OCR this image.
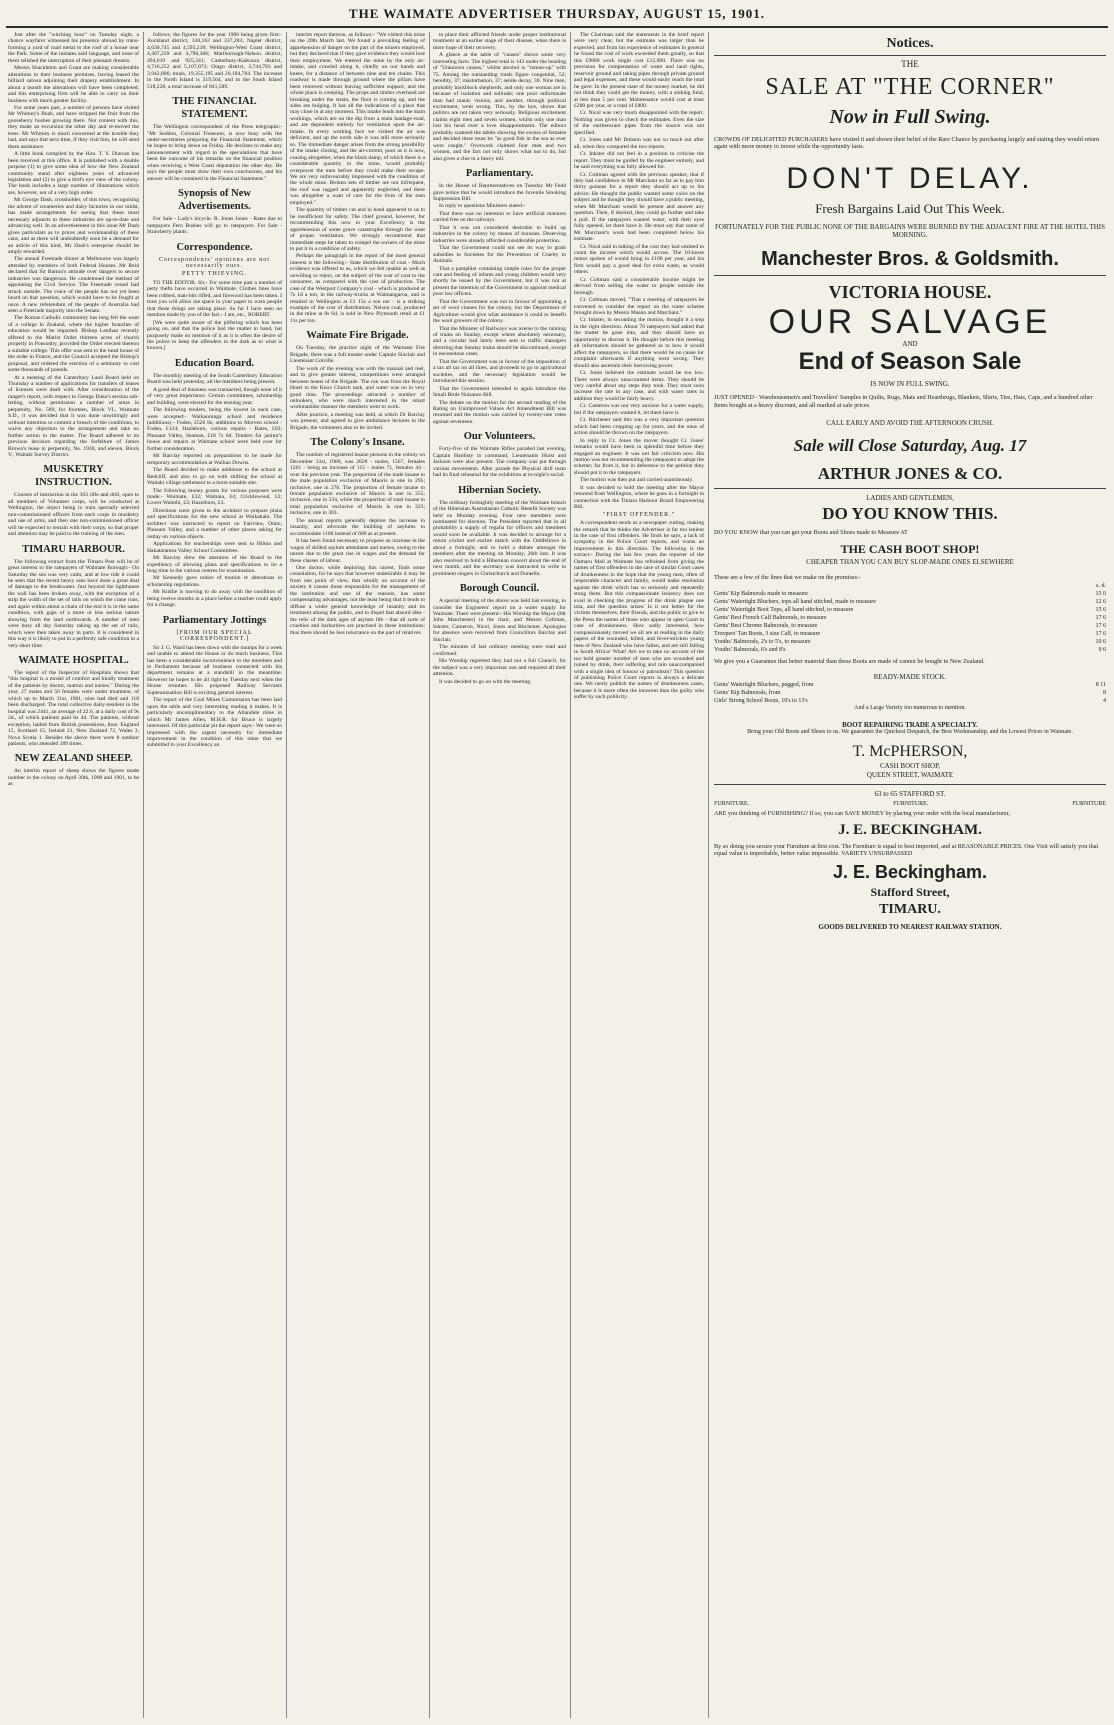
THE WAIMATE ADVERTISER THURSDAY, AUGUST 15, 1901.

Just after the "witching hour" on Tuesday night, a chance wayfarer witnessed his presence abroad by trans-forming a yard of road metal to the roof of a house near the Park. Some of the inmates said language, and none of them relished the interruption of their pleasant dreams.

Messrs Shackleton and Grant are making considerable alterations to their business premises, having leased the billiard saloon adjoining their drapery establishment. In about a month the alterations will have been completed, and this enterprising firm will be able to carry on their business with much greater facility.

For some years past, a number of persons have visited Mr Whitney's Bush, and have stripped the fruit from the gooseberry bushes growing there. Not content with this, they made an excursion the other day and re-moved the trees. Mr Whitney is much concerned at the trouble they had, and says that next time, if they visit him, he will send them assistance.

A little book compiled by the Hon. T. Y. Duncan has been received at this office. It is published with a double purpose (1) to give some idea of how the New Zealand community stand after eighteen years of advanced legislation and (2) to give a bird's eye view of the colony. The book includes a large number of illustrations which are, however, not of a very high order.

Mr George Dash, crossholder, of this town, recognising the advent of creameries and dairy factories in our midst, has made arrangements for seeing that these most necessary adjuncts to these industries are up-to-date and advancing well. In an advertisement in this issue Mr Dash gives particulars as to prices and workmanship of these cans, and as there will undoubtedly soon be a demand for an article of this kind, Mr Dash's enterprise should be amply rewarded.

The annual Freetrade dinner at Melbourne was largely attended by members of both Federal Houses. Mr Reid declared that Sir Barton's attitude over dangers to secure industries was dangerous. He condemned the method of appointing the Civil Service. The Freetrade vessel had struck outside. The voice of the people has not yet been heard on that question, which would have to be fought at once. A new referendum of the people of Australia had seen a Freetrade majority into the Senate.

The Roman Catholic community has long felt the want of a college in Zealand, where the higher branches of education would be imparted. Bishop Lenihan recently offered to the Marist Order thirteen acres of church property in Ponsonby, provided the Order erected thereon a suitable college. This offer was sent to the head house of the order in France, and the Council accepted the Bishop's proposal, and ordered the erection of a seminary to cost some thousands of pounds.

At a meeting of the Canterbury Land Board held on Thursday a number of applications for transfers of leases of licenses were dealt with. After consideration of the ranger's report, with respect to George Duke's section sub-letting, without permission a number of areas in perpetuity, No. 589, for fourteen, Block VI., Waimate S.D., it was decided that it was done unwittingly and without intention to commit a breach of the conditions, to waive any objection to the arrangement and take no further action in the matter. The Board adhered to its previous decision regarding the forfeiture of James Brown's lease in perpetuity, No. 1938, and eleven, Block V., Waitaki Survey District.

MUSKETRY INSTRUCTION.

Courses of instruction in the 303 rifle and drill, open to all members of Volunteer corps, will be conducted at Wellington, the object being to train specially selected non-commissioned officers from each corps in musketry and use of arms, and then one non-commissioned officer will be expected to remain with their corps, so that proper and attention may be paid to the training of the men.

TIMARU HARBOUR.

The following extract from the Timaru Post will be of great interest to the ratepayers of Waimate Borough:- On Saturday the sea was very calm, and at low tide it could be seen that the recent heavy seas have done a great deal of damage to the breakwater. Just beyond the lighthouse the wall has been broken away, with the exception of a strip the width of the set of rails on which the crane runs, and again within about a chain of the end it is in the same condition, with gaps of a more or less serious nature showing from the land northwards. A number of men were busy all day Saturday taking up the set of rails, which were then taken away in parts. It is considered in this way it is likely to put in a perfectly safe condition in a very short time.

WAIMATE HOSPITAL.

The report of the Inspector of Hospitals shows that "this hospital is a model of comfort and kindly treatment of the patients by doctor, matron and nurses." During the year, 27 males and 56 females were under treatment, of which up to March 31st, 1901, nine had died and 118 been discharged. The total collective daily-resident in the hospital was 2441, an average of 22.6, at a daily cost of 9s 2d., of which patients paid 6s 4d. The patients, without exception, hailed from British possessions, thus: England 15, Scotland 15, Ireland 21, New Zealand 72, Wales 3, Nova Scotia 1. Besides the above there were 8 outdoor patients, who attended 189 times.

NEW ZEALAND SHEEP.

An interim report of sheep shows the figures made number in the colony on April 30th, 1900 and 1901, to be as

follows, the figures for the year 1900 being given first:- Auckland district, 330,162 and 337,203; Napier district, 4,630,745 and 4,593,218; Wellington-West Coast district, 4,407,239 and 4,790,366; Marlborough-Nelson district, 494,610 and 925,341; Canterbury-Kaikoura district, 4,716,252 and 5,107,073; Otago district, 3,744,783 and 3,942,806; totals, 19,355,195 and 20,184,784. The increase in the North Island is 319,564, and in the South Island 518,228, a total increase of 841,589.

THE FINANCIAL STATEMENT.

The Wellington correspondent of the Press telegraphs:- "Mr Seddon, Colonial Treasurer, is now busy with the under-secretaries preparing the Financial Statement, which he hopes to bring down on Friday. He declines to make any announcement with regard to the speculations that have been the outcome of his remarks on the financial position when receiving a West Coast deputation the other day. He says the people must draw their own conclusions, and his answer will be contained in the Financial Statement."

Synopsis of New Advertisements.

For Sale - Lady's bicycle. R. Jones Jones - Rates due to ratepayers Fern Bushes will go to ratepayers. For Sale - Strawberry plants.

Correspondence.
Correspondents' opinions are not necessarily ours.
PETTY THIEVING.

TO THE EDITOR. Sir,- For some time past a number of petty thefts have occurred in Waimate. Clothes lines have been robbed, man-bits rifled, and firewood has been taken. I trust you will allow me space in your paper to warn people that these things are taking place. So far I have seen no mention made by you of the fact.- I am, etc., ROBERT.

[We were quite aware of the pilfering which has been going on, and that the police had the matter in hand, but purposely made no mention of it as it is often the desire of the police to keep the offenders in the dark as to what is known.]

Education Board.

The monthly meeting of the South Canterbury Education Board was held yesterday, all the members being present.

A good deal of business was transacted, though none of it of very great importance. Certain committees, scholarship and building, were elected for the ensuing year.

The following tenders, being the lowest in each case, were accepted:- Waihaorunga school and residence (additions) - Foden, £526 8s; additions to Morven school - Foden, £124; Hazleburn, various repairs - Bates, £63; Pleasant Valley, Seaman, £18 7s 6d. Tenders for janitor's house and repairs at Waimate school were held over for further consideration.

Mr Barclay reported on preparations to be made for temporary accommodation at Waihao Downs.

The Board decided to make additions to the school at Redcliff, and also to go on with shifting the school at Waitaki village settlement to a more suitable site.

The following money grants for various purposes were made:- Waimate, £32; Waituna, £4; Cricklewood, £2; Lower Waitohi, £3; Hazelburn, £3.

Directions were given to the architect to prepare plans and specifications for the new school at Waikakahi. The architect was instructed to report on Fairview, Otaio, Pleasant Valley, and a number of other places asking for outlay on various objects.

Applications for teacherships were sent to Hilton and Hakataramea Valley School Committees.

Mr Barclay drew the attention of the Board to the expediency of allowing plans and specifications to lie a long time in the various centres for examination.

Mr Kennedy gave notice of motion re alterations in scholarship regulations.

Mr Kiddie is moving to do away with the condition of being twelve months in a place before a teacher could apply for a change.

Parliamentary Jottings
[FROM OUR SPECIAL CORRESPONDENT.]

Sir J. G. Ward has been down with the mumps for a week and unable to attend the House or do much business. This has been a considerable inconvenience to the members and to Parliament because all business connected with his department remains at a standstill in the meantime. However he hopes to be all right by Tuesday next when the House resumes. His proposed Railway Servants Superannuation Bill is exciting general interest.

The report of the Coal Mines Commission has been laid upon the table and very interesting reading it makes. It is particularly uncomplimentary to the Allandale mine in which Mr James Allen, M.H.R. for Bruce is largely interested. Of this particular pit the report says:- We were so impressed with the urgent necessity for immediate improvement in the condition of this mine that we submitted to your Excellency an

interim report thereon, as follows:- "We visited this mine on the 20th March last. We found a prevailing feeling of apprehension of danger on the part of the miners employed, but they declared that if they gave evidence they would lose their employment. We entered the mine by the only air-intake, and crawled along it, chiefly on our hands and knees, for a distance of between nine and ten chains. This roadway is made through ground where the pillars have been removed without leaving sufficient support, and the whole place is creeping. The props and timber overhead are breaking under the strain, the floor is coming up, and the sides are bulging. It has all the indications of a place that may close in at any moment. This intake leads into the main workings, which are on the dip from a main haulage-road, and are dependent entirely for ventilation upon the air-intake. In every working face we visited the air was deficient, and up the north side it was still more seriously so. The immediate danger arises from the strong possibility of the intake closing, and the air-current, poor as it is now, ceasing altogether, when the black damp, of which there is a considerable quantity in the mine, would probably overpower the men before they could make their escape. We are very unfavourably impressed with the condition of the whole mine. Broken sets of timber are not infrequent, the roof was ragged and apparently neglected, and there was altogether a want of care for the lives of the men employed."

The quantity of timber cut and in hand appeared to us to be insufficient for safety. The chief ground, however, for recommending this now to your Excellency is the apprehension of some grave catastrophe through the want of proper ventilation. We strongly recommend that immediate steps be taken to compel the owners of the mine to put it in a condition of safety.

Perhaps the paragraph in the report of the most general interest is the following:- State distribution of coal - Much evidence was offered to us, which we felt unable as well as unwilling to reject, on the subject of the cost of coal to the consumer, as compared with the cost of production. The case of the Westport Company's coal - which is produced at 7s 1d a ton, in the railway-trucks at Waimangaroa, and is retailed in Wellington at £1 15s a ton net - is a striking example of the cost of distribution. Nelson coal, produced in the mine at 8s 6d, is sold in New Plymouth retail at £1 11s per ton.

Waimate Fire Brigade.

On Tuesday, the practice night of the Waimate Fire Brigade, there was a full muster under Captain Sinclair and Lieutenant Colville.

The work of the evening was with the manual and reel, and to give greater interest, competitions were arranged between teams of the Brigade. The run was from the Royal Hotel to the Knox Church tank, and water was on in very good time. The proceedings attracted a number of onlookers, who were much interested in the smart workmanlike manner the members went to work.

After practice, a meeting was held, at which Dr Barclay was present, and agreed to give ambulance lectures to the Brigade, the volunteers also to be invited.

The Colony's Insane.

The number of registered insane persons in the colony on December 31st, 1900, was 2828 - males, 1567, females 1261 - being an increase of 115 - males 71, females 44 - over the previous year. The proportion of the male insane to the male population exclusive of Maoris is one in 295; inclusive, one in 276. The proportion of female insane to female population exclusive of Maoris is one in 355; inclusive, one in 334, while the proportion of total insane to total population exclusive of Maoris is one in 323; inclusive, one in 303.

The annual reports generally deplore the increase in insanity, and advocate the building of asylums to accommodate 1100 instead of 600 as at present.

It has been found necessary to propose an increase in the wages of skilled asylum attendants and nurses, owing to the unrest due to the great rise in wages and the demand for these classes of labour.

One doctor, while deploring this unrest, finds some consolation, for he says that however undesirable it may be from one point of view, that wholly on account of the anxiety it causes those responsible for the management of the institution and one of the reasons, has some compensating advantages, not the least being that it tends to diffuse a wider general knowledge of insanity and its treatment among the public, and to dispel that absurd idea - the relic of the dark ages of asylum life - that all sorts of cruelties and barbarities are practised in these institutions; thus there should be less reluctance on the part of relatives

to place their afflicted friends under proper institutional treatment at an earlier stage of their disease, when there is more hope of their recovery.

A glance at the table of "causes" shows some very interesting facts. The highest total is 143 under the heading of "Unknown causes," whilst alcohol is "runner-up" with 75. Among the outstanding totals figure congenital, 52; heredity, 37; masturbation, 37; senile decay, 30. Nine men, probably backblock shepherds, and only one woman are in because of isolation and solitude; one poor unfortunate man had manic visions, and another, through political excitement, went wrong. This, by the bye, shows that politics are not taken very seriously. Religious excitement claims eight men and seven women, whilst only one man lost his head over a love disappointment. The editors probably scanned the tables showing the excess of females and decided there must be "as good fish in the sea as ever were caught." Overwork claimed four men and two women, and the fact not only shows what not to do, but also gives a clue to a heavy toll.

Parliamentary.

In the House of Representatives on Tuesday Mr Fedd gave notice that he would introduce the Juvenile Smoking Suppression Bill.

In reply to questions Ministers stated:-

That there was no intention to have artificial manures carried free on the railways.

That it was not considered desirable to build up industries in the colony by means of bonuses. Deserving industries were already afforded considerable protection.

That the Government could not see its way to grant subsidies to Societies for the Prevention of Cruelty to Animals.

That a pamphlet containing simple rules for the proper care and feeding of infants and young children would very shortly be issued by the Government, but it was not at present the intention of the Government to appoint medical poor law officers.

That the Government was not in favour of appointing a set of wool classes for the colony, but the Department of Agriculture would give what assistance it could to benefit the wool growers of the colony.

That the Minister of Railways was averse to the running of trains on Sunday, except where absolutely necessary, and a circular had lately been sent to traffic managers directing that Sunday trains should be discontinued, except in necessitous cases.

That the Government was in favour of the imposition of a tax all tax on all lines, and proceeds to go to agricultural societies, and the necessary legislation would be introduced this session.

That the Government intended to again introduce the Small Birds Nuisance Bill.

The debate on the motion for the second reading of the Rating on Unimproved Values Act Amendment Bill was resumed and the motion was carried by twenty-one votes against seventeen.

Our Volunteers.

Forty-five of the Waimate Rifles paraded last evening, Captain Hardisty in command, Lieutenants Hurst and Jackson were also present. The company was put through various movements. After parade the Physical drill team had its final rehearsal for the exhibition at to-night's social.

Hibernian Society.

The ordinary fortnightly meeting of the Waimate branch of the Hibernian Australasian Catholic Benefit Society was held on Monday evening. Four new members were nominated for election. The President reported that in all probability a supply of regalia for officers and members would soon be available. It was decided to arrange for a return cricket and euchre match with the Oddfellows in about a fortnight, and to hold a debate amongst the members after the meeting on Monday, 26th inst. It was also resolved to hold a Hibernian concert about the end of next month, and the secretary was instructed to write to prominent singers in Christchurch and Dunedin.

Borough Council.

A special meeting of the above was held last evening, to consider the Engineers' report on a water supply for Waimate. There were present:- His Worship the Mayor (Mr John Manchester) in the chair, and Messrs Coltman, Inkster, Cameron, Nicol, Jones and Bitchener. Apologies for absence were received from Councillors Barclay and Sinclair.

The minutes of last ordinary meeting were read and confirmed.

His Worship regretted they had not a full Council, for the subject was a very important one and required all their attention.

It was decided to go on with the meeting.

The Chairman said the statements in the brief report were very clear, but the estimate was larger than he expected, and from his experience of estimates in general he found the cost of work exceeded them greatly, so that this £9800 work might cost £12,000. There was no provision for compensation of water and land rights, reservoir ground and taking pipes through private ground and legal expenses, and these would easily reach the total he gave. In the present state of the money market, he did not think they could get the money, with a sinking fund, at less than 5 per cent. Maintenance would cost at least £200 per year, or a total of £800.

Cr. Nicol was very much disappointed with the report. Nothing was given to check the estimates. Even the size of the earthenware pipes from the source was not specified.

Cr. Jones said Mr Dobson was not so much out after all, when they compared the two reports.

Cr. Inkster did not feel in a position to criticise the report. They must be guided by the engineer entirely, and he said everything was fully allowed for.

Cr. Coltman agreed with the previous speaker, that if they had confidence in Mr Marchant so far as to pay him thirty guineas for a report they should act up to his advice. He thought the public wanted some voice on the subject and he thought they should have a public meeting, when Mr Marchant would be present and answer any question. Then, if desired, they could go further and take a poll. If the ratepayers wanted water, with their eyes fully opened, let them have it. He must say that some of Mr Marchant's work had been completed below his estimate.

Cr. Nicol said in talking of the cost they had omitted to count the income which would accrue. The 10-horse motor spoken of would bring in £100 per year, and his firm would pay a good deal for extra water, as would others.

Cr. Coltman said a considerable income might be derived from selling the water to people outside the borough.

Cr. Coltman moved, "That a meeting of ratepayers be convened to consider the report on the water scheme brought down by Messrs Mason and Marchant."

Cr. Inkster, in seconding the motion, thought it a step in the right direction. About 70 ratepayers had asked that the matter be gone into, and they should have an opportunity to discuss it. He thought before this meeting all information should be gathered as to how it would affect the ratepayers, so that there would be no cause for complaint afterwards if anything went wrong. They should also ascertain their borrowing power.

Cr. Jones believed the estimate would be too low. There were always unaccounted items. They should be very careful about any steps they took. They must soon increase the rate in any case, and with water rates in addition they would be fairly heavy.

Cr. Cameron was not very anxious for a water supply, but if the ratepayers wanted it, let them have it.

Cr. Bitchener said this was a very important question which had been cropping up for years, and the onus of action should be thrown on the ratepayers.

In reply to Cr. Jones the mover thought Cr. Jones' remarks would have been in splendid time before they engaged an engineer. It was not fair criticism now. His motion was not recommending the ratepayers to adopt the scheme; far from it, but in deference to the petition they should put it to the ratepayers.

The motion was then put and carried unanimously.

It was decided to hold the meeting after the Mayor returned from Wellington, where he goes in a fortnight in connection with the Timaru Harbour Board Empowering Bill.

"FIRST OFFENDER."

A correspondent sends us a newspaper cutting, making the remark that he thinks the Advertiser is far too lenient in the case of first offenders. He finds he says, a lack of sympathy in the Police Court reports, and wants an improvement in this direction. The following is the extract:- During the last few years the reporter of the Oamaru Mail at Waimate has refrained from giving the names of first offenders in the case of similar Court cases of drunkenness in the hope that the young men, often of respectable character and family, would make resolution against the drink which has so seriously and repeatedly stung them. But this compassionate leniency does not avail in checking the progress of the drink plague one iota, and the question arises: Is it not better for the victims themselves, their friends, and the public to give to the Press the names of those who appear in open Court in case of drunkenness. How sadly interested, how compassionately moved we all are at reading in the daily papers of the wounded, killed, and fever-stricken young men of New Zealand who have fallen, and are still falling in South Africa! What! Are we to take no account of the too bold greater number of men who are wounded and ruined by drink, their suffering and ruin unaccompanied with a single idea of honour or patriotism? This question of publishing Police Court reports is always a delicate one. We rarely publish the names of drunkenness cases, because it is more often the innocent than the guilty who suffer by such publicity.

Notices.
THE
SALE AT "THE CORNER"
Now in Full Swing.
CROWDS OF DELIGHTED PURCHASERS have visited it and shown their belief of the Rare Chance by purchasing largely and stating they would return again with more money to invest while the opportunity lasts.
DON'T DELAY.
Fresh Bargains Laid Out This Week.
FORTUNATELY FOR THE PUBLIC NONE OF THE BARGAINS WERE BURNED BY THE ADJACENT FIRE AT THE HOTEL THIS MORNING.
Manchester Bros. & Goldsmith.
VICTORIA HOUSE.
OUR SALVAGE
AND
End of Season Sale
IS NOW IN FULL SWING.
JUST OPENED - Warehousemen's and Travellers' Samples in Quilts, Rugs, Mats and Hearthrugs, Blankets, Shirts, Ties, Hats, Caps, and a hundred other Items bought at a heavy discount, and all marked at sale prices.
CALL EARLY AND AVOID THE AFTERNOON CRUSH.
Sale will Close Saturday, Aug. 17
ARTHUR JONES & CO.
LADIES AND GENTLEMEN,
DO YOU KNOW THIS.
DO YOU KNOW that you can get your Boots and Shoes made to Measure AT
THE CASH BOOT SHOP!
CHEAPER THAN YOU CAN BUY SLOP-MADE ONES ELSEWHERE
These are a few of the lines that we make on the premises:-
s. d.
Gents' Kip Balmorals made to measure	15 0
Gents' Watertight Bluchers, tops all hand stitched, made to measure	12 6
Gents' Watertight Boot Tops, all hand stitched, to measure	15 6
Gents' Best French Calf Balmorals, to measure	17 6
Gents' Best Chrome Balmorals, to measure	17 6
Troopers' Tan Boots, 3 size Calf, to measure	17 6
Youths' Balmorals, 2's to 5's, to measure	10 6
Youths' Balmorals, 6's and 8's	9 6
We give you a Guarantee that better material than these Boots are made of cannot be bought in New Zealand.
READY-MADE STOCK.
Gents' Watertight Bluchers, pegged, from	8 11
Gents' Kip Balmorals, from	8
Girls' Strong School Boots, 10's to 13's	4
And a Large Variety too numerous to mention.
BOOT REPAIRING TRADE A SPECIALTY.
Bring your Old Boots and Shoes to us. We guarantee the Quickest Despatch, the Best Workmanship, and the Lowest Prices in Waimate.
T. McPHERSON,
CASH BOOT SHOP,
QUEEN STREET, WAIMATE
63 to 65 STAFFORD ST.
FURNITURE.	FURNITURE.	FURNITURE
ARE you thinking of FURNISHING? If so, you can SAVE MONEY by placing your order with the local manufacturer,
J. E. BECKINGHAM.
By so doing you secure your Furniture at first cost. The Furniture is equal to best imported, and at REASONABLE PRICES. One Visit will satisfy you that equal value is improbable, better value impossible. VARIETY UNSURPASSED
J. E. Beckingham.
Stafford Street,
TIMARU.
GOODS DELIVERED TO NEAREST RAILWAY STATION.
